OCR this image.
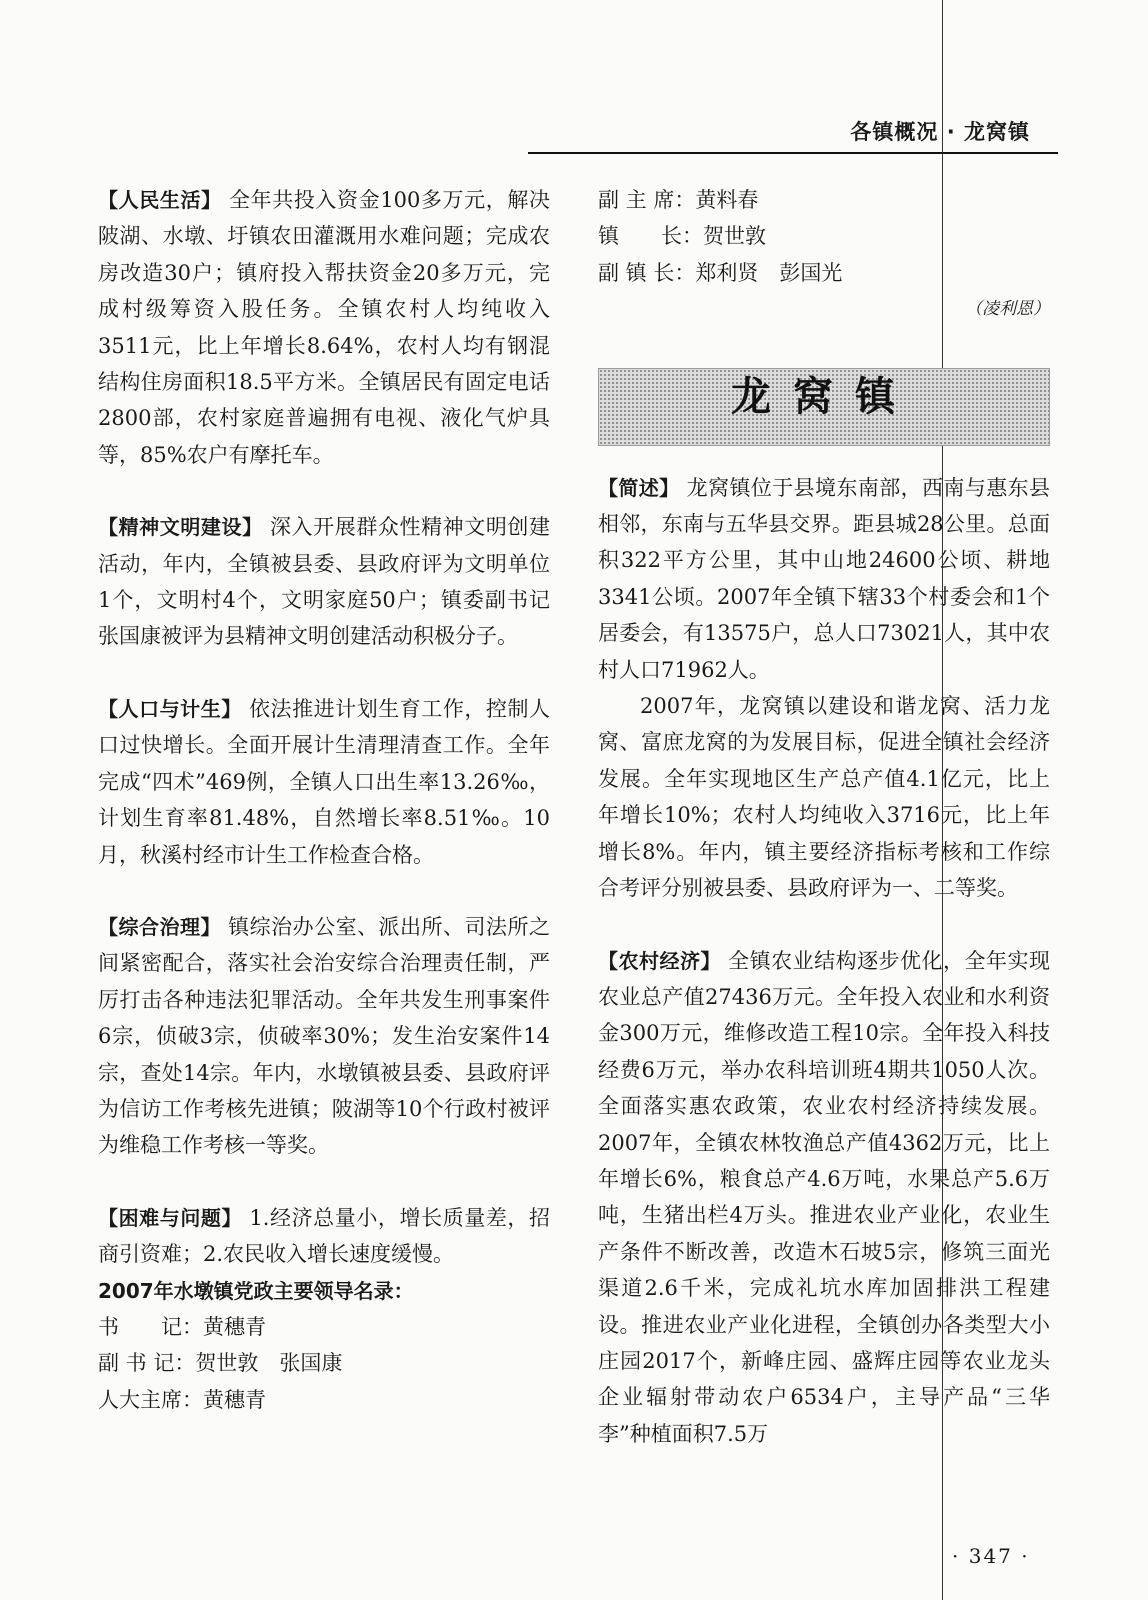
各镇概况 · 龙窝镇

【人民生活】 全年共投入资金100多万元，解决陂湖、水墩、圩镇农田灌溉用水难问题；完成农房改造30户；镇府投入帮扶资金20多万元，完成村级筹资入股任务。全镇农村人均纯收入3511元，比上年增长8.64%，农村人均有钢混结构住房面积18.5平方米。全镇居民有固定电话2800部，农村家庭普遍拥有电视、液化气炉具等，85%农户有摩托车。

【精神文明建设】 深入开展群众性精神文明创建活动，年内，全镇被县委、县政府评为文明单位1个，文明村4个，文明家庭50户；镇委副书记张国康被评为县精神文明创建活动积极分子。

【人口与计生】 依法推进计划生育工作，控制人口过快增长。全面开展计生清理清查工作。全年完成“四术”469例，全镇人口出生率13.26‰，计划生育率81.48%，自然增长率8.51‰。10月，秋溪村经市计生工作检查合格。

【综合治理】 镇综治办公室、派出所、司法所之间紧密配合，落实社会治安综合治理责任制，严厉打击各种违法犯罪活动。全年共发生刑事案件6宗，侦破3宗，侦破率30%；发生治安案件14宗，查处14宗。年内，水墩镇被县委、县政府评为信访工作考核先进镇；陂湖等10个行政村被评为维稳工作考核一等奖。

【困难与问题】 1.经济总量小，增长质量差，招商引资难；2.农民收入增长速度缓慢。

2007年水墩镇党政主要领导名录：

书　　记：黄穗青

副 书 记：贺世敦　张国康

人大主席：黄穗青

副 主 席：黄料春

镇　　长：贺世敦

副 镇 长：郑利贤　彭国光

（凌利恩）

龙窝镇

【简述】 龙窝镇位于县境东南部，西南与惠东县相邻，东南与五华县交界。距县城28公里。总面积322平方公里，其中山地24600公顷、耕地3341公顷。2007年全镇下辖33个村委会和1个居委会，有13575户，总人口73021人，其中农村人口71962人。

2007年，龙窝镇以建设和谐龙窝、活力龙窝、富庶龙窝的为发展目标，促进全镇社会经济发展。全年实现地区生产总产值4.1亿元，比上年增长10%；农村人均纯收入3716元，比上年增长8%。年内，镇主要经济指标考核和工作综合考评分别被县委、县政府评为一、二等奖。

【农村经济】 全镇农业结构逐步优化，全年实现农业总产值27436万元。全年投入农业和水利资金300万元，维修改造工程10宗。全年投入科技经费6万元，举办农科培训班4期共1050人次。全面落实惠农政策，农业农村经济持续发展。2007年，全镇农林牧渔总产值4362万元，比上年增长6%，粮食总产4.6万吨，水果总产5.6万吨，生猪出栏4万头。推进农业产业化，农业生产条件不断改善，改造木石坡5宗，修筑三面光渠道2.6千米，完成礼坑水库加固排洪工程建设。推进农业产业化进程，全镇创办各类型大小庄园2017个，新峰庄园、盛辉庄园等农业龙头企业辐射带动农户6534户，主导产品“三华李”种植面积7.5万

· 347 ·
